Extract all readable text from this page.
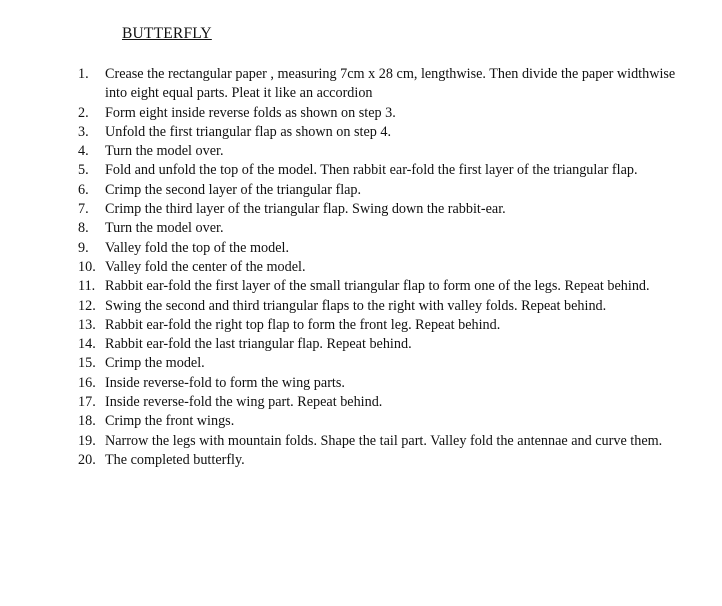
BUTTERFLY
1.	Crease the rectangular paper , measuring 7cm x 28 cm, lengthwise. Then divide the paper widthwise into eight equal parts. Pleat it like an accordion
2.	Form eight inside reverse folds as shown on step 3.
3.	Unfold the first triangular flap as shown on step 4.
4.	Turn the model over.
5.	Fold and unfold the top of the model. Then rabbit ear-fold the first layer of the triangular flap.
6.	Crimp the second layer of the triangular flap.
7.	Crimp the third layer of the triangular flap. Swing down the rabbit-ear.
8.	Turn the model over.
9.	Valley fold the top of the model.
10. Valley fold the center of the model.
11. Rabbit ear-fold the first layer of the small triangular flap to form one of the legs. Repeat behind.
12. Swing the second and third triangular flaps to the right with valley folds. Repeat behind.
13. Rabbit ear-fold the right top flap to form the front leg. Repeat behind.
14. Rabbit ear-fold the last triangular flap. Repeat behind.
15. Crimp the model.
16. Inside reverse-fold to form the wing parts.
17. Inside reverse-fold the wing part. Repeat behind.
18. Crimp the front wings.
19. Narrow the legs with mountain folds. Shape the tail part. Valley fold the antennae and curve them.
20. The completed butterfly.
